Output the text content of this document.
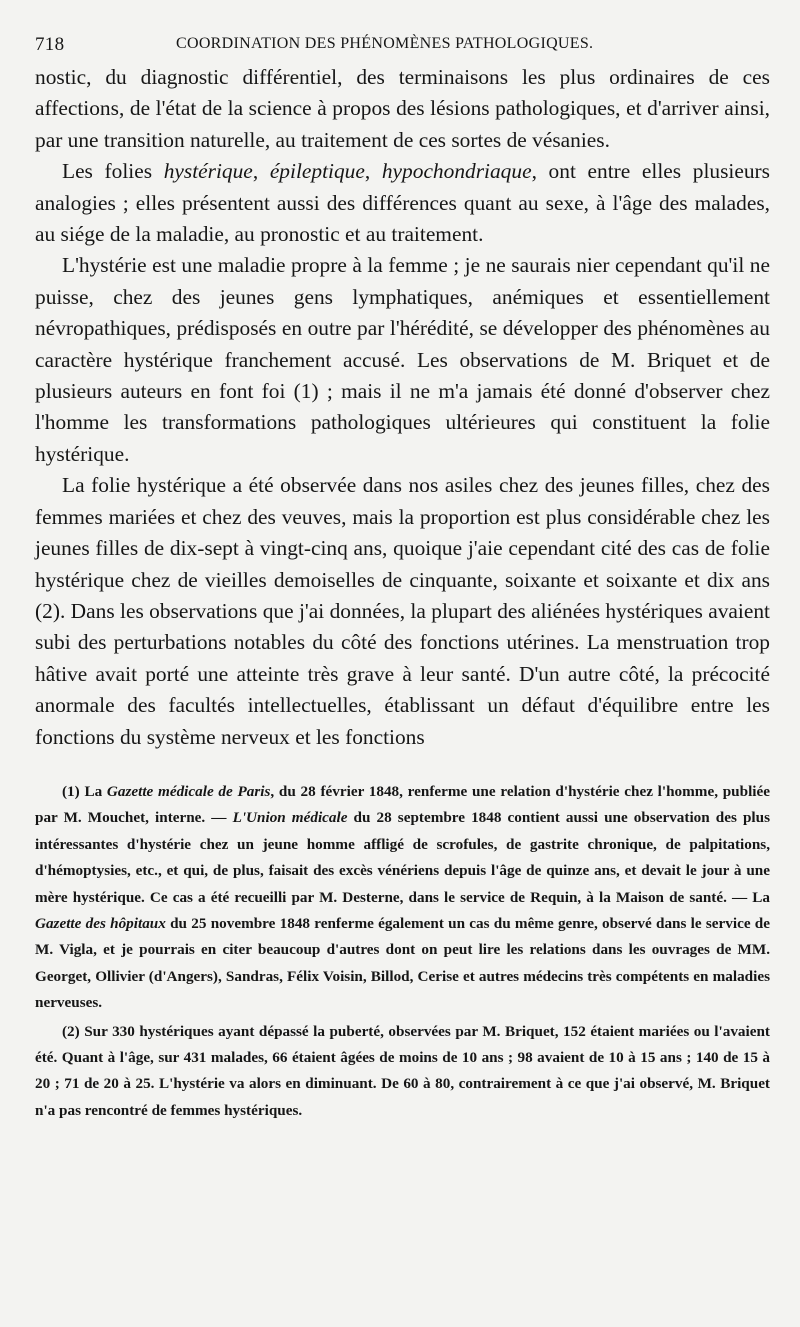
718	COORDINATION DES PHÉNOMÈNES PATHOLOGIQUES.

nostic, du diagnostic différentiel, des terminaisons les plus ordinaires de ces affections, de l'état de la science à propos des lésions pathologiques, et d'arriver ainsi, par une transition naturelle, au traitement de ces sortes de vésanies.

Les folies hystérique, épileptique, hypochondriaque, ont entre elles plusieurs analogies ; elles présentent aussi des différences quant au sexe, à l'âge des malades, au siége de la maladie, au pronostic et au traitement.

L'hystérie est une maladie propre à la femme ; je ne saurais nier cependant qu'il ne puisse, chez des jeunes gens lymphatiques, anémiques et essentiellement névropathiques, prédisposés en outre par l'hérédité, se développer des phénomènes au caractère hystérique franchement accusé. Les observations de M. Briquet et de plusieurs auteurs en font foi (1) ; mais il ne m'a jamais été donné d'observer chez l'homme les transformations pathologiques ultérieures qui constituent la folie hystérique.

La folie hystérique a été observée dans nos asiles chez des jeunes filles, chez des femmes mariées et chez des veuves, mais la proportion est plus considérable chez les jeunes filles de dix-sept à vingt-cinq ans, quoique j'aie cependant cité des cas de folie hystérique chez de vieilles demoiselles de cinquante, soixante et soixante et dix ans (2). Dans les observations que j'ai données, la plupart des aliénées hystériques avaient subi des perturbations notables du côté des fonctions utérines. La menstruation trop hâtive avait porté une atteinte très grave à leur santé. D'un autre côté, la précocité anormale des facultés intellectuelles, établissant un défaut d'équilibre entre les fonctions du système nerveux et les fonctions

(1) La Gazette médicale de Paris, du 28 février 1848, renferme une relation d'hystérie chez l'homme, publiée par M. Mouchet, interne. — L'Union médicale du 28 septembre 1848 contient aussi une observation des plus intéressantes d'hystérie chez un jeune homme affligé de scrofules, de gastrite chronique, de palpitations, d'hémoptysies, etc., et qui, de plus, faisait des excès vénériens depuis l'âge de quinze ans, et devait le jour à une mère hystérique. Ce cas a été recueilli par M. Desterne, dans le service de Requin, à la Maison de santé. — La Gazette des hôpitaux du 25 novembre 1848 renferme également un cas du même genre, observé dans le service de M. Vigla, et je pourrais en citer beaucoup d'autres dont on peut lire les relations dans les ouvrages de MM. Georget, Ollivier (d'Angers), Sandras, Félix Voisin, Billod, Cerise et autres médecins très compétents en maladies nerveuses.

(2) Sur 330 hystériques ayant dépassé la puberté, observées par M. Briquet, 152 étaient mariées ou l'avaient été. Quant à l'âge, sur 431 malades, 66 étaient âgées de moins de 10 ans ; 98 avaient de 10 à 15 ans ; 140 de 15 à 20 ; 71 de 20 à 25. L'hystérie va alors en diminuant. De 60 à 80, contrairement à ce que j'ai observé, M. Briquet n'a pas rencontré de femmes hystériques.
